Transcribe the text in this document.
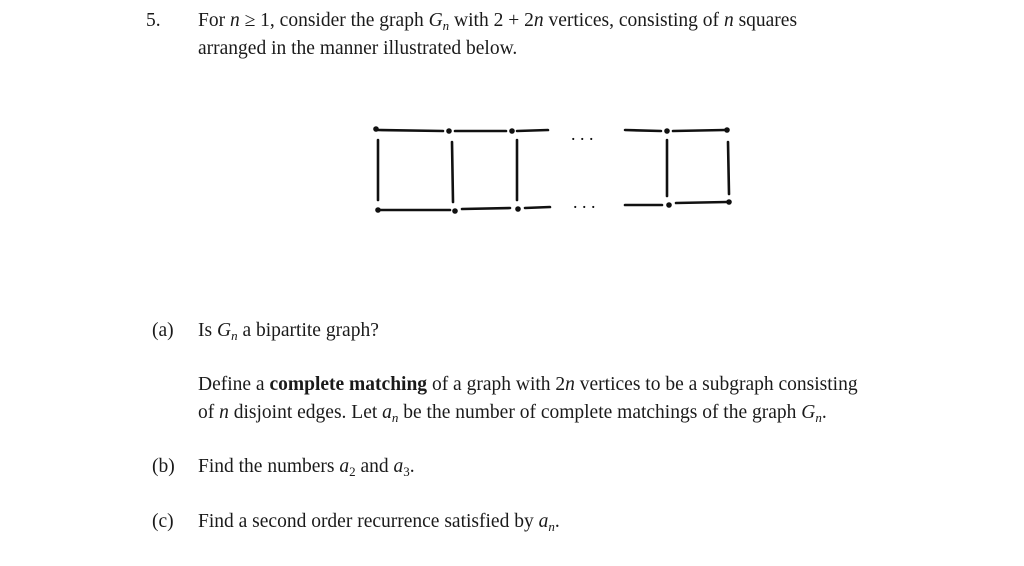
5. For n ≥ 1, consider the graph $G_n$ with 2 + 2n vertices, consisting of n squares
arranged in the manner illustrated below.
. . .
. . .
(a) Is $G_n$ a bipartite graph?
Define a complete matching of a graph with 2n vertices to be a subgraph consisting
of n disjoint edges. Let $a_n$ be the number of complete matchings of the graph $G_n$.
(b) Find the numbers $a_2$ and $a_3$.
(c) Find a second order recurrence satisfied by $a_n$.
